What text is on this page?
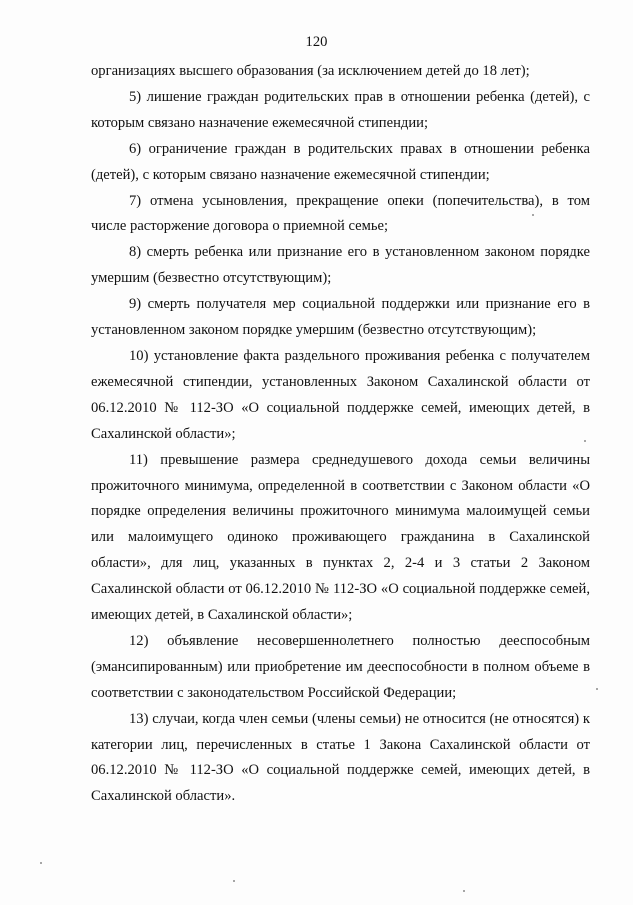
120

организациях высшего образования (за исключением детей до 18 лет);

5) лишение граждан родительских прав в отношении ребенка (детей), с которым связано назначение ежемесячной стипендии;

6) ограничение граждан в родительских правах в отношении ребенка (детей), с которым связано назначение ежемесячной стипендии;

7) отмена усыновления, прекращение опеки (попечительства), в том числе расторжение договора о приемной семье;

8) смерть ребенка или признание его в установленном законом порядке умершим (безвестно отсутствующим);

9) смерть получателя мер социальной поддержки или признание его в установленном законом порядке умершим (безвестно отсутствующим);

10) установление факта раздельного проживания ребенка с получателем ежемесячной стипендии, установленных Законом Сахалинской области от 06.12.2010 № 112-ЗО «О социальной поддержке семей, имеющих детей, в Сахалинской области»;

11) превышение размера среднедушевого дохода семьи величины прожиточного минимума, определенной в соответствии с Законом области «О порядке определения величины прожиточного минимума малоимущей семьи или малоимущего одиноко проживающего гражданина в Сахалинской области», для лиц, указанных в пунктах 2, 2-4 и 3 статьи 2 Законом Сахалинской области от 06.12.2010 № 112-ЗО «О социальной поддержке семей, имеющих детей, в Сахалинской области»;

12) объявление несовершеннолетнего полностью дееспособным (эмансипированным) или приобретение им дееспособности в полном объеме в соответствии с законодательством Российской Федерации;

13) случаи, когда член семьи (члены семьи) не относится (не относятся) к категории лиц, перечисленных в статье 1 Закона Сахалинской области от 06.12.2010 № 112-ЗО «О социальной поддержке семей, имеющих детей, в Сахалинской области».
